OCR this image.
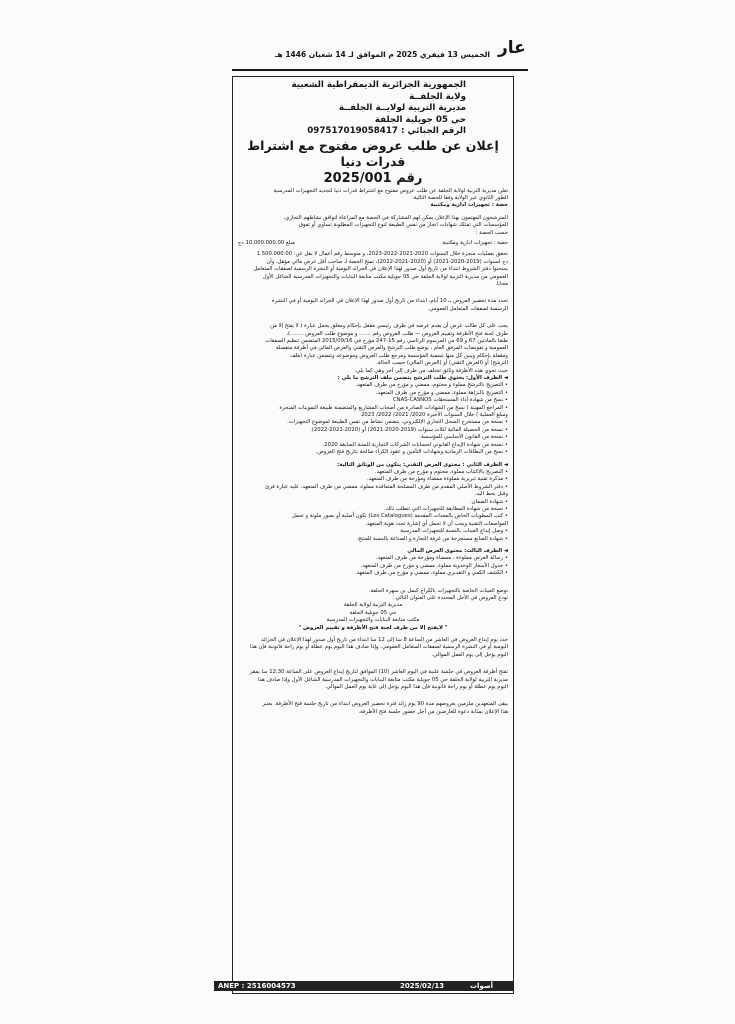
عار
الخميس 13 فيفري 2025 م الموافق لـ 14 شعبان 1446 هـ

الجمهورية الجزائرية الديمقراطية الشعبية

ولاية الجلفــة

مديرية التربية لولايــة الجلفــة

حي 05 جويلية الجلفة

الرقم الجبائي : 097517019058417

إعلان عن طلب عروض مفتوح مع اشتراط قدرات دنيا

رقم 2025/001

تعلن مديرية التربية لولاية الجلفة عن طلب عروض مفتوح مع اشتراط قدرات دنيا لتجديد التجهيزات المدرسية

الطور الثانوي عبر الولاية وفقا للحصة التالية:

حصة : تجهيزات ادارية ومكتبية

المترشحون المهتمون بهذا الإعلان يمكن لهم المشاركة في الحصة مع المراعاة لتوافق نشاطهم التجاري،

المؤسسات التي تمتلك شهادات انجاز من نفس الطبيعة لنوع التجهيزات المطلوبة تساوي أو تفوق

حسب الحصة :

حصة : تجهيزات ادارية ومكتبية
مبلغ 10.000.000.00 دج

تحقق بعمليات منجزة خلال السنوات 2020-2021-2022-2023، و متوسط رقم أعمال لا يقل عن: 1.500.000.00

دج لسنوات (2019-2020-2021) أو (2020-2021-2022)، تمنح الحصة لـ صاحب أقل عرض مالي مؤهل، وأن

يسحبوا دفتر الشروط ابتداء من تاريخ أول صدور لهذا الإعلان في الجرائد اليومية أو النشرة الرسمية لصفقات المتعامل

العمومي من مديرية التربية لولاية الجلفة حي 05 جويلية مكتب متابعة البنايات والتجهيزات المدرسية الشاغل الأول

مجانا.

تحدد مدة تحضير العروض بـ 10 أيام، ابتداء من تاريخ أول صدور لهذا الإعلان في الجرائد اليومية أو في النشرة

الرسمية لصفقات المتعامل العمومي.

يجب على كل طالب عرض أن يقدم عرضه في ظرف رئيسي مقفل بإحكام ومغلق يحمل عبارة ( لا يفتح إلا من

طرف لجنة فتح الأظرفة وتقييم العروض — طلب العروض رقم ....... و موضوع طلب العروض ........)،

طبقا بالمادتين 67 و 69 من المرسوم الرئاسي رقم 15-247 مؤرخ في 2015/09/16 المتضمن تنظيم الصفقات

العمومية و تفويضات المرفق العام ، يوضع طلب الترشح والعرض التقني والعرض المالي في أظرفة منفصلة

ومقفلة بإحكام ويبين كل منها تسمية المؤسسة ومرجع طلب العروض وموضوعه وتتضمن عبارة (ملف

الترشح) أو (العرض التقني) أو (العرض المالي) حسب الحالة.

حيث تحوي هذه الأظرفة وثائق تختلف من ظرف إلى آخر وهي كما يلي:

◄ الظرف الأول: يحتوي طلب الترشح يتضمن ملف الترشح ما يلي :

• التصريح بالترشح مملوء و مختوم، ممضي و مؤرخ من طرف المتعهد.

• التصريح بالنزاهة مملوء، ممضي و مؤرخ من طرف المتعهد.

• نسخ من شهادة أداء المستحقات CNAS-CASNOS

• المراجع المهنية ( نسخ من الشهادات الصادرة من أصحاب المشاريع والمتضمنة طبيعة التموينات المنجزة

ومبلغ العملية ) خلال السنوات الأخيرة 2020/ 2021/ 2022/ 2023

• نسخة من مستخرج السجل التجاري الإلكتروني، يتضمن نشاط من نفس الطبيعة لموضوع التجهيزات.

• نسخة من الحصيلة المالية لثلاث سنوات (2019-2020-2021) أو (2020-2021-2022).

• نسخة من القانون الأساسي للمؤسسة.

• نسخة من شهادة الإيداع القانوني لحسابات الشركات التجارية للسنة السابقة 2020.

• نسخ من البطاقات الرمادية وشهادات التأمين و عقود الكراء صالحة بتاريخ فتح العروض.

◄ الظرف الثاني : محتوى العرض التقني: يتكون من الوثائق التالية:

• التصريح بالاكتتاب مملوء، مختوم و مؤرخ من طرف المتعهد.

• مذكرة تقنية تبريرية مملوءة ممضاة ومؤرخة من طرف المتعهد.

• دفتر الشروط الأصلي المقدم من طرف المصلحة المتعاقدة مملوء، ممضي من طرف المتعهد، عليه عبارة قرئ

وقبل بخط اليد.

• شهادة الضمان.

• نسخة من شهادة المطابقة للتجهيزات التي تتطلب ذلك.

• كتب المطويات الخاص بالمعدات المقدمة (Les Catalogues) تكون أصلية أو بصور ملونة و تحمل

المواصفات التقنية ويجب أن لا تحمل أي إشارة تحدد هوية المتعهد.

• وصل إيداع العينات بالنسبة للتجهيزات المدرسية

• شهادة الصانع مستخرجة من غرفة التجارة و الصناعة بالنسبة للمنتج.

◄ الظرف الثالث: محتوى العرض المالي

• رسالة العرض مملوءة ، ممضاة ومؤرخة من طرف المتعهد.

• جدول الأسعار الوحدوية مملوء، ممضي و مؤرخ من طرف المتعهد.

• الكشف الكمي و التقديري مملوء، ممضي و مؤرخ من طرف المتعهد.

توضع العينات الخاصة بالتجهيزات بالكراج كبمل بن سهرة الجلفة.

تودع العروض في الأجل المحددة على العنوان التالي :

مديرية التربية لولاية الجلفة

حي 05 جويلية الجلفة

مكتب متابعة البنايات والتجهيزات المدرسية

" لايفتح إلا من طرف لجنة فتح الأظرفة و تقييم العروض "

حدد يوم إيداع العروض في العاشر من الساعة 8 سا إلى 12 سا ابتداء من تاريخ أول صدور لهذا الإعلان في الجرائد

اليومية أو في النشرة الرسمية لصفقات المتعامل العمومي. وإذا صادف هذا اليوم يوم عطلة أو يوم راحة قانونية فإن هذا

اليوم يؤجل إلى يوم العمل الموالي.

تفتح أظرفة العروض في جلسة علنية في اليوم العاشر (10) الموافق لتاريخ إيداع العروض على الساعة 12:30 سا بمقر

مديرية التربية لولاية الجلفة حي 05 جويلية مكتب متابعة البنايات والتجهيزات المدرسية الشاغل الأول وإذا صادف هذا

اليوم يوم عطلة أو يوم راحة قانونية فإن هذا اليوم يؤجل إلى غاية يوم العمل الموالي.

يبقى المتعهدين ملزمين بعروضهم مدة 90 يوم زائد فترة تحضير العروض ابتداء من تاريخ جلسة فتح الأظرفة. يعتبر

هذا الإعلان بمثابة دعوة للعارضين من أجل حضور جلسة فتح الأظرفة.

ANEP : 2516004573	2025/02/13	أصوات
